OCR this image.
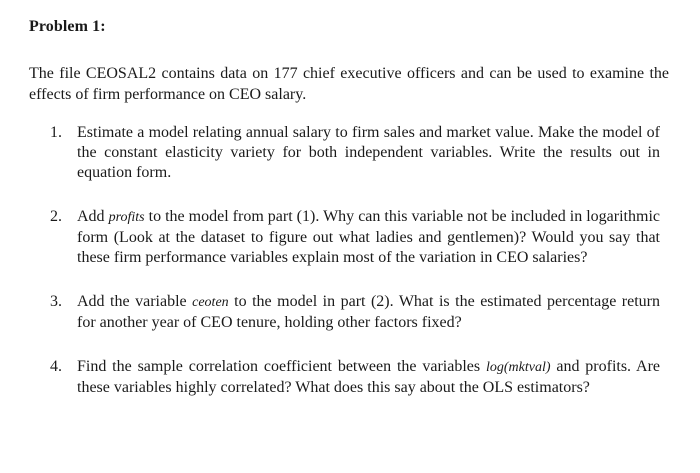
Problem 1:
The file CEOSAL2 contains data on 177 chief executive officers and can be used to examine the effects of firm performance on CEO salary.
1. Estimate a model relating annual salary to firm sales and market value. Make the model of the constant elasticity variety for both independent variables. Write the results out in equation form.
2. Add profits to the model from part (1). Why can this variable not be included in logarithmic form (Look at the dataset to figure out what ladies and gentlemen)? Would you say that these firm performance variables explain most of the variation in CEO salaries?
3. Add the variable ceoten to the model in part (2). What is the estimated percentage return for another year of CEO tenure, holding other factors fixed?
4. Find the sample correlation coefficient between the variables log(mktval) and profits. Are these variables highly correlated? What does this say about the OLS estimators?
